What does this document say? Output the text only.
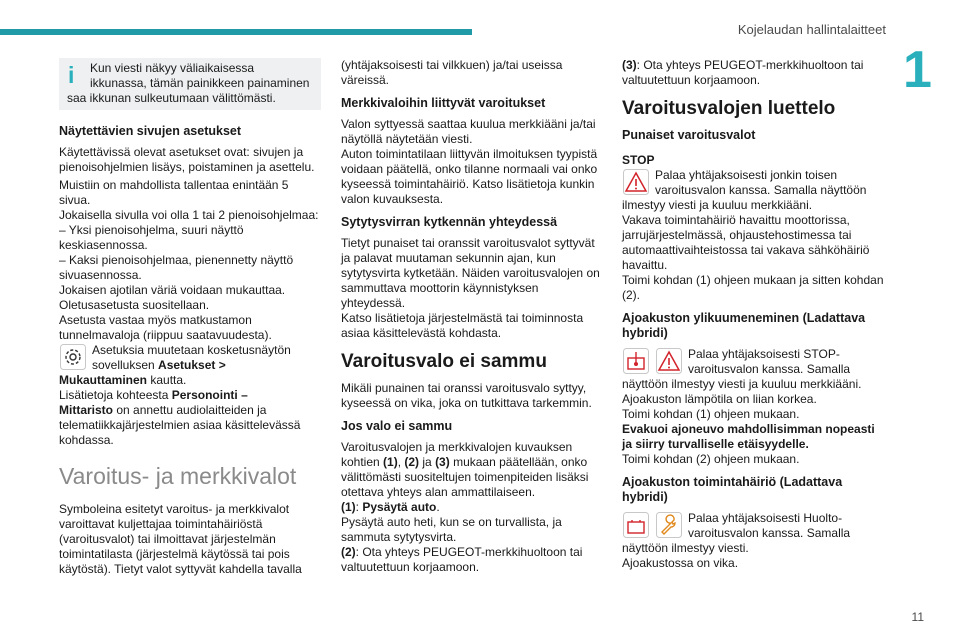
Kojelaudan hallintalaitteet
1
11
i	Kun viesti näkyy väliaikaisessa
ikkunassa, tämän painikkeen painaminen
saa ikkunan sulkeutumaan välittömästi.
Näytettävien sivujen asetukset
Käytettävissä olevat asetukset ovat: sivujen ja pienoisohjelmien lisäys, poistaminen ja asettelu.
Muistiin on mahdollista tallentaa enintään 5 sivua.
Jokaisella sivulla voi olla 1 tai 2 pienoisohjelmaa:
– Yksi pienoisohjelma, suuri näyttö keskiasennossa.
– Kaksi pienoisohjelmaa, pienennetty näyttö sivuasennossa.
Jokaisen ajotilan väriä voidaan mukauttaa.
Oletusasetusta suositellaan.
Asetusta vastaa myös matkustamon tunnelmavaloja (riippuu saatavuudesta).
Asetuksia muutetaan kosketusnäytön
sovelluksen Asetukset >
Mukauttaminen kautta.
Lisätietoja kohteesta Personointi –
Mittaristo on annettu audiolaitteiden ja telematiikkajärjestelmien asiaa käsittelevässä kohdassa.
Varoitus- ja merkkivalot
Symboleina esitetyt varoitus- ja merkkivalot varoittavat kuljettajaa toimintahäiriöstä (varoitusvalot) tai ilmoittavat järjestelmän toimintatilasta (järjestelmä käytössä tai pois käytöstä). Tietyt valot syttyvät kahdella tavalla
(yhtäjaksoisesti tai vilkkuen) ja/tai useissa väreissä.
Merkkivaloihin liittyvät varoitukset
Valon syttyessä saattaa kuulua merkkiääni ja/tai näytöllä näytetään viesti.
Auton toimintatilaan liittyvän ilmoituksen tyypistä voidaan päätellä, onko tilanne normaali vai onko kyseessä toimintahäiriö. Katso lisätietoja kunkin valon kuvauksesta.
Sytytysvirran kytkennän yhteydessä
Tietyt punaiset tai oranssit varoitusvalot syttyvät ja palavat muutaman sekunnin ajan, kun sytytysvirta kytketään. Näiden varoitusvalojen on sammuttava moottorin käynnistyksen yhteydessä.
Katso lisätietoja järjestelmästä tai toiminnosta asiaa käsittelevästä kohdasta.
Varoitusvalo ei sammu
Mikäli punainen tai oranssi varoitusvalo syttyy, kyseessä on vika, joka on tutkittava tarkemmin.
Jos valo ei sammu
Varoitusvalojen ja merkkivalojen kuvauksen kohtien (1), (2) ja (3) mukaan päätellään, onko välittömästi suositeltujen toimenpiteiden lisäksi otettava yhteys alan ammattilaiseen.
(1): Pysäytä auto.
Pysäytä auto heti, kun se on turvallista, ja sammuta sytytysvirta.
(2): Ota yhteys PEUGEOT-merkkihuoltoon tai valtuutettuun korjaamoon.
(3): Ota yhteys PEUGEOT-merkkihuoltoon tai valtuutettuun korjaamoon.
Varoitusvalojen luettelo
Punaiset varoitusvalot
STOP
Palaa yhtäjaksoisesti jonkin toisen
varoitusvalon kanssa. Samalla näyttöön
ilmestyy viesti ja kuuluu merkkiääni.
Vakava toimintahäiriö havaittu moottorissa, jarrujärjestelmässä, ohjaustehostimessa tai automaattivaihteistossa tai vakava sähköhäiriö havaittu.
Toimi kohdan (1) ohjeen mukaan ja sitten kohdan (2).
Ajoakuston ylikuumeneminen (Ladattava hybridi)
Palaa yhtäjaksoisesti STOP-
varoitusvalon kanssa. Samalla
näyttöön ilmestyy viesti ja kuuluu merkkiääni.
Ajoakuston lämpötila on liian korkea.
Toimi kohdan (1) ohjeen mukaan.
Evakuoi ajoneuvo mahdollisimman nopeasti ja siirry turvalliselle etäisyydelle.
Toimi kohdan (2) ohjeen mukaan.
Ajoakuston toimintahäiriö (Ladattava hybridi)
Palaa yhtäjaksoisesti Huolto-
varoitusvalon kanssa. Samalla
näyttöön ilmestyy viesti.
Ajoakustossa on vika.
